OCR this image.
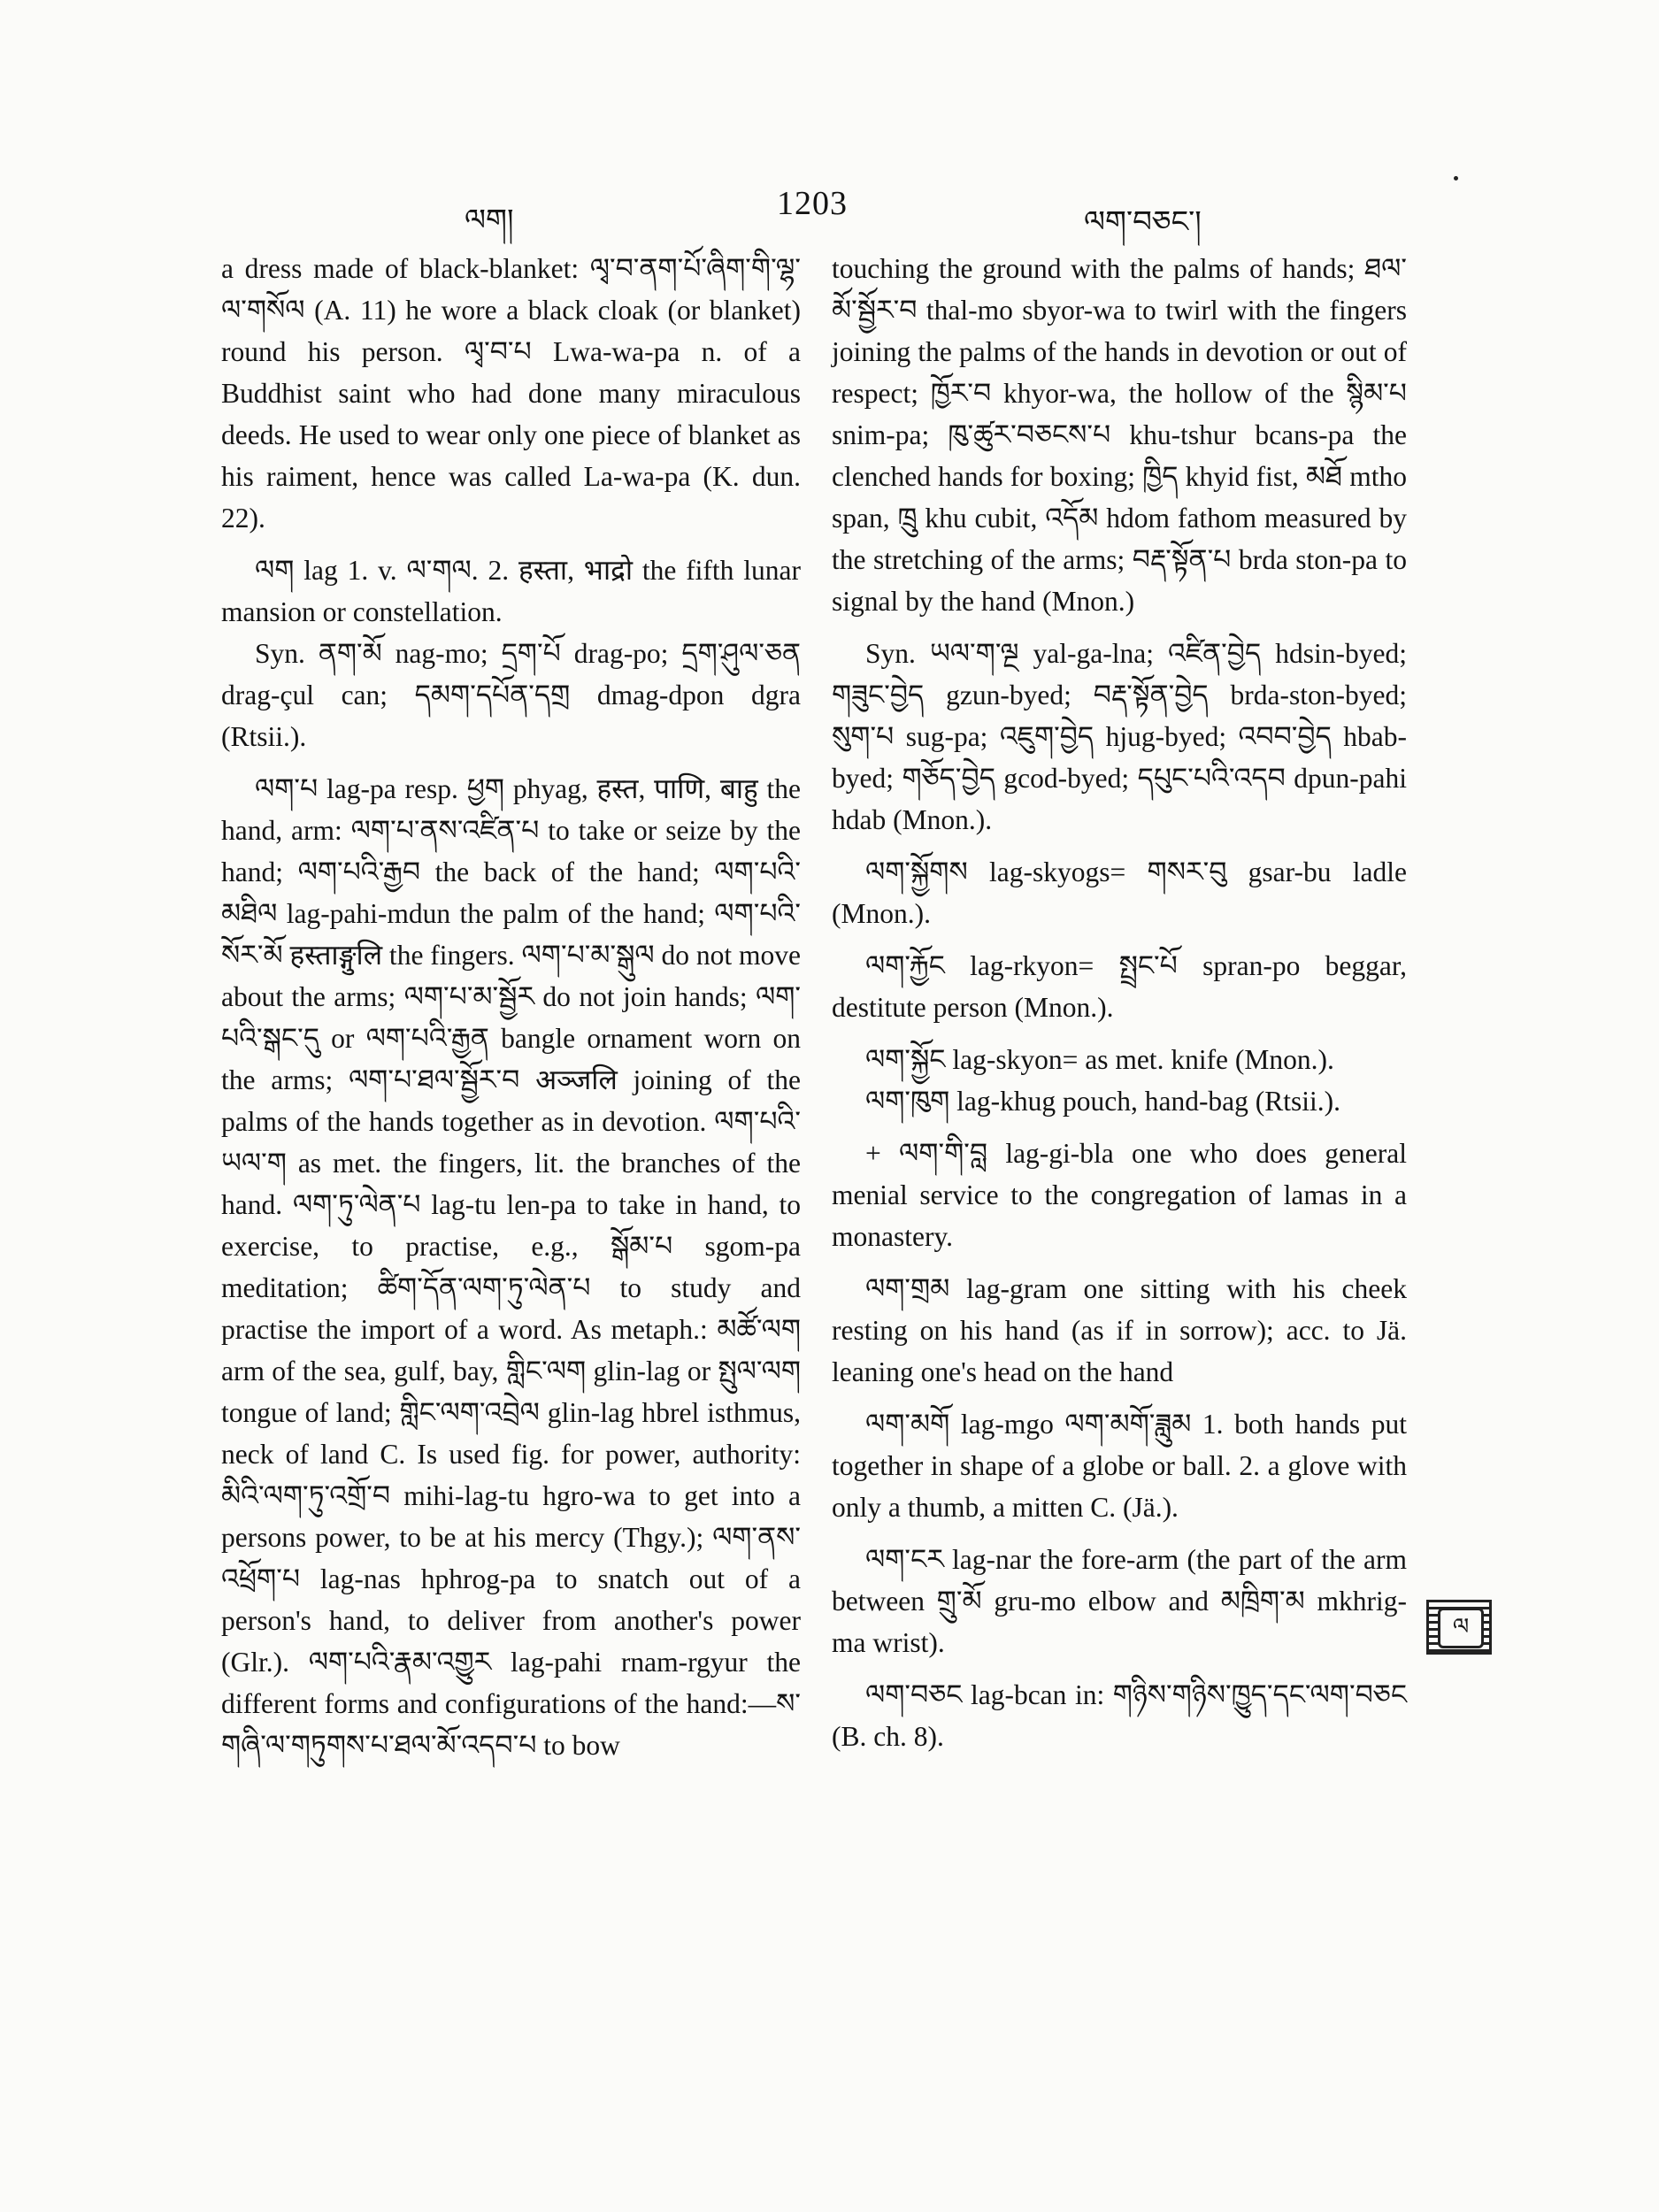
ལག།	1203	ལག་བཅང་།

a dress made of black-blanket: ལྭ་བ་ནག་པོ་ཞིག་གི་ལྷ་ལ་གསོལ (A. 11) he wore a black cloak (or blanket) round his person. ལྭ་བ་པ Lwa-wa-pa n. of a Buddhist saint who had done many miraculous deeds. He used to wear only one piece of blanket as his raiment, hence was called La-wa-pa (K. dun. 22).

ལག lag 1. v. ལ་གལ. 2. हस्ता, भाद्रो the fifth lunar mansion or constellation.

Syn. ནག་མོ nag-mo; དྲག་པོ drag-po; དྲག་ཤུལ་ཅན drag-çul can; དམག་དཔོན་དགྲ dmag-dpon dgra (Rtsii.).

ལག་པ lag-pa resp. ཕྱག phyag, हस्त, पाणि, बाहु the hand, arm: ལག་པ་ནས་འཛིན་པ to take or seize by the hand; ལག་པའི་རྒྱབ the back of the hand; ལག་པའི་མཐིལ lag-pahi-mdun the palm of the hand; ལག་པའི་སོར་མོ हस्ताङ्गुलि the fingers. ལག་པ་མ་སྒུལ do not move about the arms; ལག་པ་མ་སྦྱོར do not join hands; ལག་པའི་སྒང་དུ or ལག་པའི་རྒྱན bangle ornament worn on the arms; ལག་པ་ཐལ་སྦྱོར་བ अञ्जलि joining of the palms of the hands together as in devotion. ལག་པའི་ཡལ་ག as met. the fingers, lit. the branches of the hand. ལག་ཏུ་ལེན་པ lag-tu len-pa to take in hand, to exercise, to practise, e.g., སྒོམ་པ sgom-pa meditation; ཚིག་དོན་ལག་ཏུ་ལེན་པ to study and practise the import of a word. As metaph.: མཚོ་ལག arm of the sea, gulf, bay, གླིང་ལག glin-lag or སྤུལ་ལག tongue of land; གླིང་ལག་འབྲེལ glin-lag hbrel isthmus, neck of land C. Is used fig. for power, authority: མིའི་ལག་ཏུ་འགྲོ་བ mihi-lag-tu hgro-wa to get into a persons power, to be at his mercy (Thgy.); ལག་ནས་འཕྲོག་པ lag-nas hphrog-pa to snatch out of a person's hand, to deliver from another's power (Glr.). ལག་པའི་རྣམ་འགྱུར lag-pahi rnam-rgyur the different forms and configurations of the hand:—ས་གཞི་ལ་གཏུགས་པ་ཐལ་མོ་འདབ་པ to bow

touching the ground with the palms of hands; ཐལ་མོ་སྦྱོར་བ thal-mo sbyor-wa to twirl with the fingers joining the palms of the hands in devotion or out of respect; ཁྱོར་བ khyor-wa, the hollow of the སྙིམ་པ snim-pa; ཁུ་ཚུར་བཅངས་པ khu-tshur bcans-pa the clenched hands for boxing; ཁྱིད khyid fist, མཐོ mtho span, ཁྲུ khu cubit, འདོམ hdom fathom measured by the stretching of the arms; བརྡ་སྟོན་པ brda ston-pa to signal by the hand (Mnon.)

Syn. ཡལ་ག་ལྔ yal-ga-lna; འཛིན་བྱེད hdsin-byed; གཟུང་བྱེད gzun-byed; བརྡ་སྟོན་བྱེད brda-ston-byed; སུག་པ sug-pa; འཇུག་བྱེད hjug-byed; འབབ་བྱེད hbab-byed; གཅོད་བྱེད gcod-byed; དཔུང་པའི་འདབ dpun-pahi hdab (Mnon.).

ལག་སྐྱོགས lag-skyogs= གསར་བུ gsar-bu ladle (Mnon.).

ལག་རྐྱོང lag-rkyon= སྤྲང་པོ spran-po beggar, destitute person (Mnon.).

ལག་སྐྱོང lag-skyon= as met. knife (Mnon.).

ལག་ཁུག lag-khug pouch, hand-bag (Rtsii.).

+ ལག་གི་བླ lag-gi-bla one who does general menial service to the congregation of lamas in a monastery.

ལག་གྲམ lag-gram one sitting with his cheek resting on his hand (as if in sorrow); acc. to Jä. leaning one's head on the hand

ལག་མགོ lag-mgo ལག་མགོ་ཟླུམ 1. both hands put together in shape of a globe or ball. 2. a glove with only a thumb, a mitten C. (Jä.).

ལག་ངར lag-nar the fore-arm (the part of the arm between གྲུ་མོ gru-mo elbow and མཁྲིག་མ mkhrig-ma wrist).

ལག་བཅང lag-bcan in: གཉིས་གཉིས་ཁྱུད་དང་ལག་བཅང (B. ch. 8).

ལ
